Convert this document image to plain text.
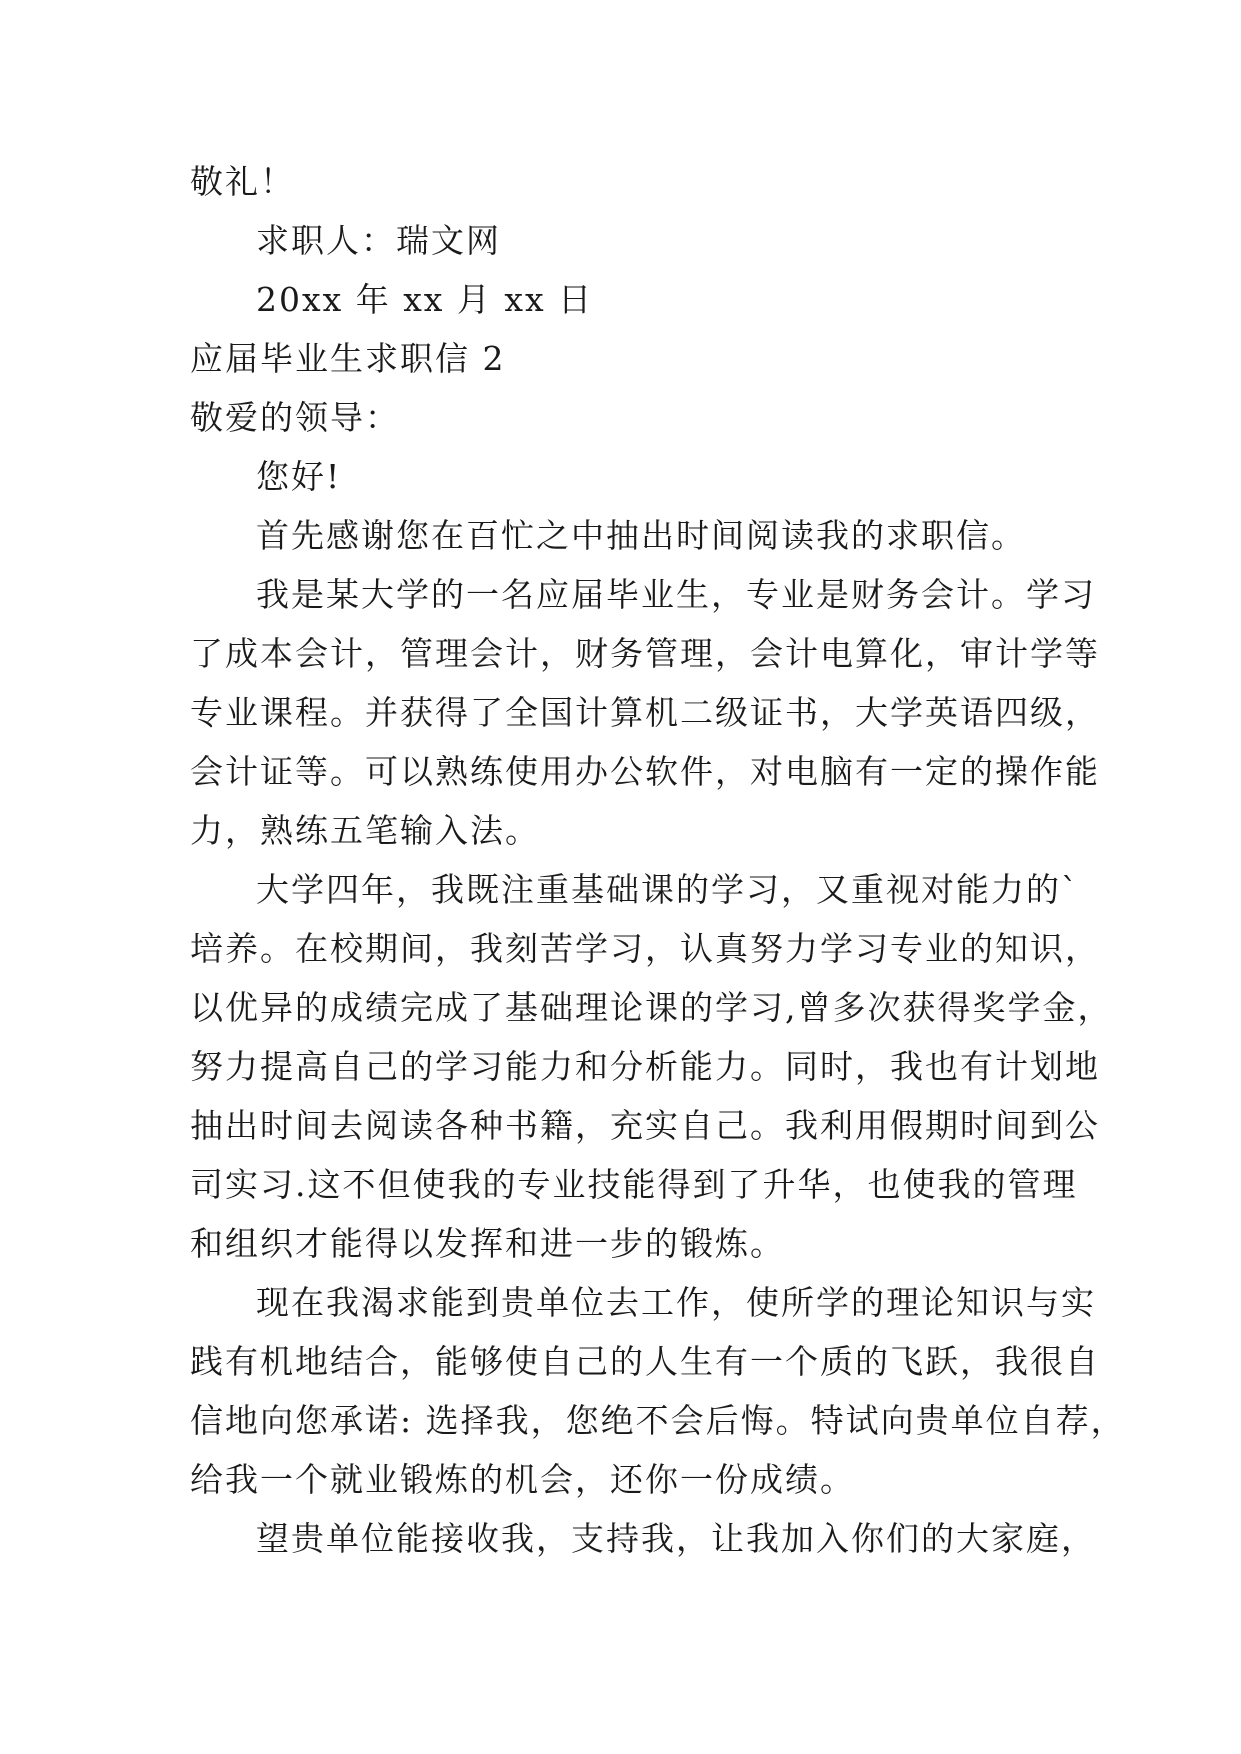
敬礼！
求职人：瑞文网
20xx 年 xx 月 xx 日
应届毕业生求职信 2
敬爱的领导：
您好!
首先感谢您在百忙之中抽出时间阅读我的求职信。
我是某大学的一名应届毕业生，专业是财务会计。学习
了成本会计，管理会计，财务管理，会计电算化，审计学等
专业课程。并获得了全国计算机二级证书，大学英语四级，
会计证等。可以熟练使用办公软件，对电脑有一定的操作能
力，熟练五笔输入法。
大学四年，我既注重基础课的学习，又重视对能力的`
培养。在校期间，我刻苦学习，认真努力学习专业的知识，
以优异的成绩完成了基础理论课的学习,曾多次获得奖学金，
努力提高自己的学习能力和分析能力。同时，我也有计划地
抽出时间去阅读各种书籍，充实自己。我利用假期时间到公
司实习.这不但使我的专业技能得到了升华，也使我的管理
和组织才能得以发挥和进一步的锻炼。
现在我渴求能到贵单位去工作，使所学的理论知识与实
践有机地结合，能够使自己的人生有一个质的飞跃，我很自
信地向您承诺: 选择我，您绝不会后悔。特试向贵单位自荐，
给我一个就业锻炼的机会，还你一份成绩。
望贵单位能接收我，支持我，让我加入你们的大家庭，
